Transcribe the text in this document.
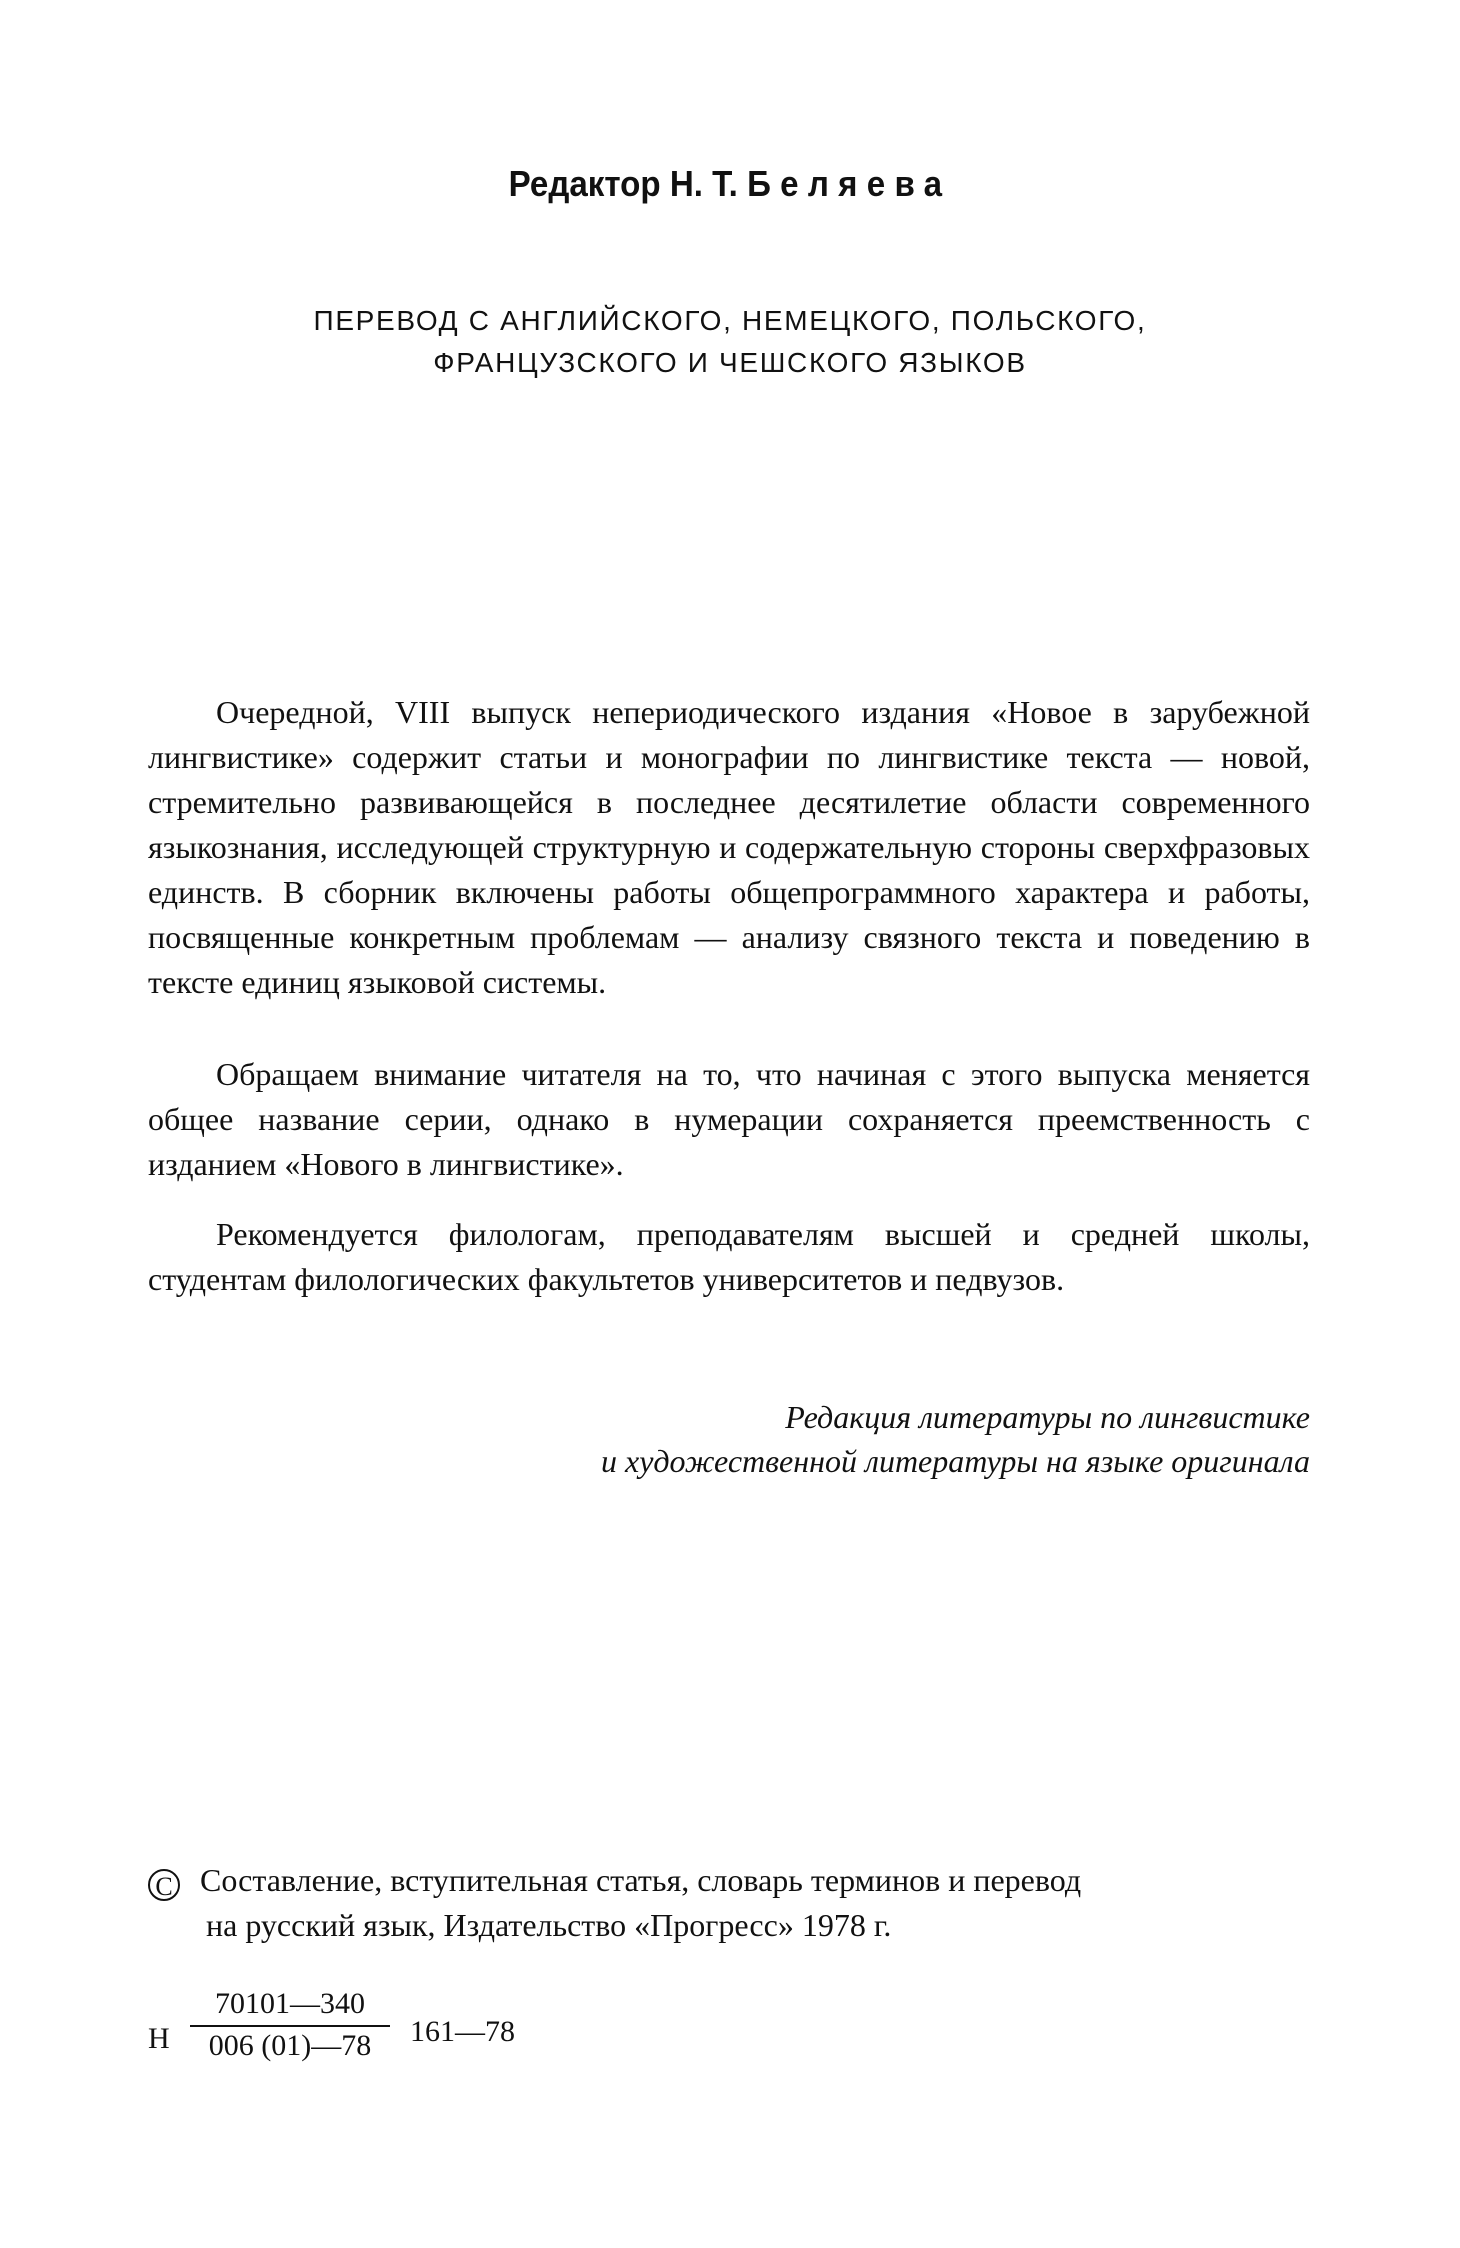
Редактор Н. Т. Беляева
ПЕРЕВОД С АНГЛИЙСКОГО, НЕМЕЦКОГО, ПОЛЬСКОГО,
ФРАНЦУЗСКОГО И ЧЕШСКОГО ЯЗЫКОВ

Очередной, VIII выпуск непериодического издания «Новое в зарубежной лингвистике» содержит статьи и монографии по лингвистике текста — новой, стремительно развивающейся в последнее десятилетие области современного языкознания, исследующей структурную и содержательную стороны сверхфразовых единств. В сборник включены работы общепрограммного характера и работы, посвященные конкретным проблемам — анализу связного текста и поведению в тексте единиц языковой системы.

Обращаем внимание читателя на то, что начиная с этого выпуска меняется общее название серии, однако в нумерации сохраняется преемственность с изданием «Нового в лингвистике».

Рекомендуется филологам, преподавателям высшей и средней школы, студентам филологических факультетов университетов и педвузов.

Редакция литературы по лингвистике
и художественной литературы на языке оригинала
C Составление, вступительная статья, словарь терминов и перевод
на русский язык, Издательство «Прогресс» 1978 г.
Н $\frac{70101—340}{006 (01)—78}$ 161—78
